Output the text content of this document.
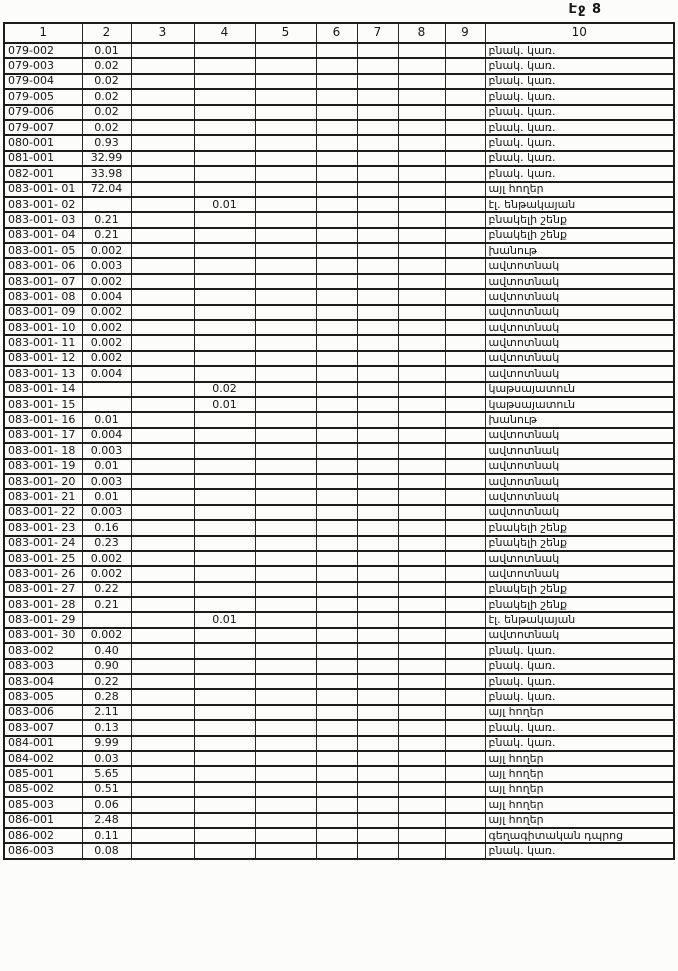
Էջ 8
1	2	3	4	5	6	7	8	9	10
079-002	0.01								բնակ. կառ.
079-003	0.02								բնակ. կառ.
079-004	0.02								բնակ. կառ.
079-005	0.02								բնակ. կառ.
079-006	0.02								բնակ. կառ.
079-007	0.02								բնակ. կառ.
080-001	0.93								բնակ. կառ.
081-001	32.99								բնակ. կառ.
082-001	33.98								բնակ. կառ.
083-001- 01	72.04								այլ հողեր
083-001- 02			0.01						էլ. ենթակայան
083-001- 03	0.21								բնակելի շենք
083-001- 04	0.21								բնակելի շենք
083-001- 05	0.002								խանութ
083-001- 06	0.003								ավտոտնակ
083-001- 07	0.002								ավտոտնակ
083-001- 08	0.004								ավտոտնակ
083-001- 09	0.002								ավտոտնակ
083-001- 10	0.002								ավտոտնակ
083-001- 11	0.002								ավտոտնակ
083-001- 12	0.002								ավտոտնակ
083-001- 13	0.004								ավտոտնակ
083-001- 14			0.02						կաթսայատուն
083-001- 15			0.01						կաթսայատուն
083-001- 16	0.01								խանութ
083-001- 17	0.004								ավտոտնակ
083-001- 18	0.003								ավտոտնակ
083-001- 19	0.01								ավտոտնակ
083-001- 20	0.003								ավտոտնակ
083-001- 21	0.01								ավտոտնակ
083-001- 22	0.003								ավտոտնակ
083-001- 23	0.16								բնակելի շենք
083-001- 24	0.23								բնակելի շենք
083-001- 25	0.002								ավտոտնակ
083-001- 26	0.002								ավտոտնակ
083-001- 27	0.22								բնակելի շենք
083-001- 28	0.21								բնակելի շենք
083-001- 29			0.01						էլ. ենթակայան
083-001- 30	0.002								ավտոտնակ
083-002	0.40								բնակ. կառ.
083-003	0.90								բնակ. կառ.
083-004	0.22								բնակ. կառ.
083-005	0.28								բնակ. կառ.
083-006	2.11								այլ հողեր
083-007	0.13								բնակ. կառ.
084-001	9.99								բնակ. կառ.
084-002	0.03								այլ հողեր
085-001	5.65								այլ հողեր
085-002	0.51								այլ հողեր
085-003	0.06								այլ հողեր
086-001	2.48								այլ հողեր
086-002	0.11								գեղագիտական դպրոց
086-003	0.08								բնակ. կառ.
